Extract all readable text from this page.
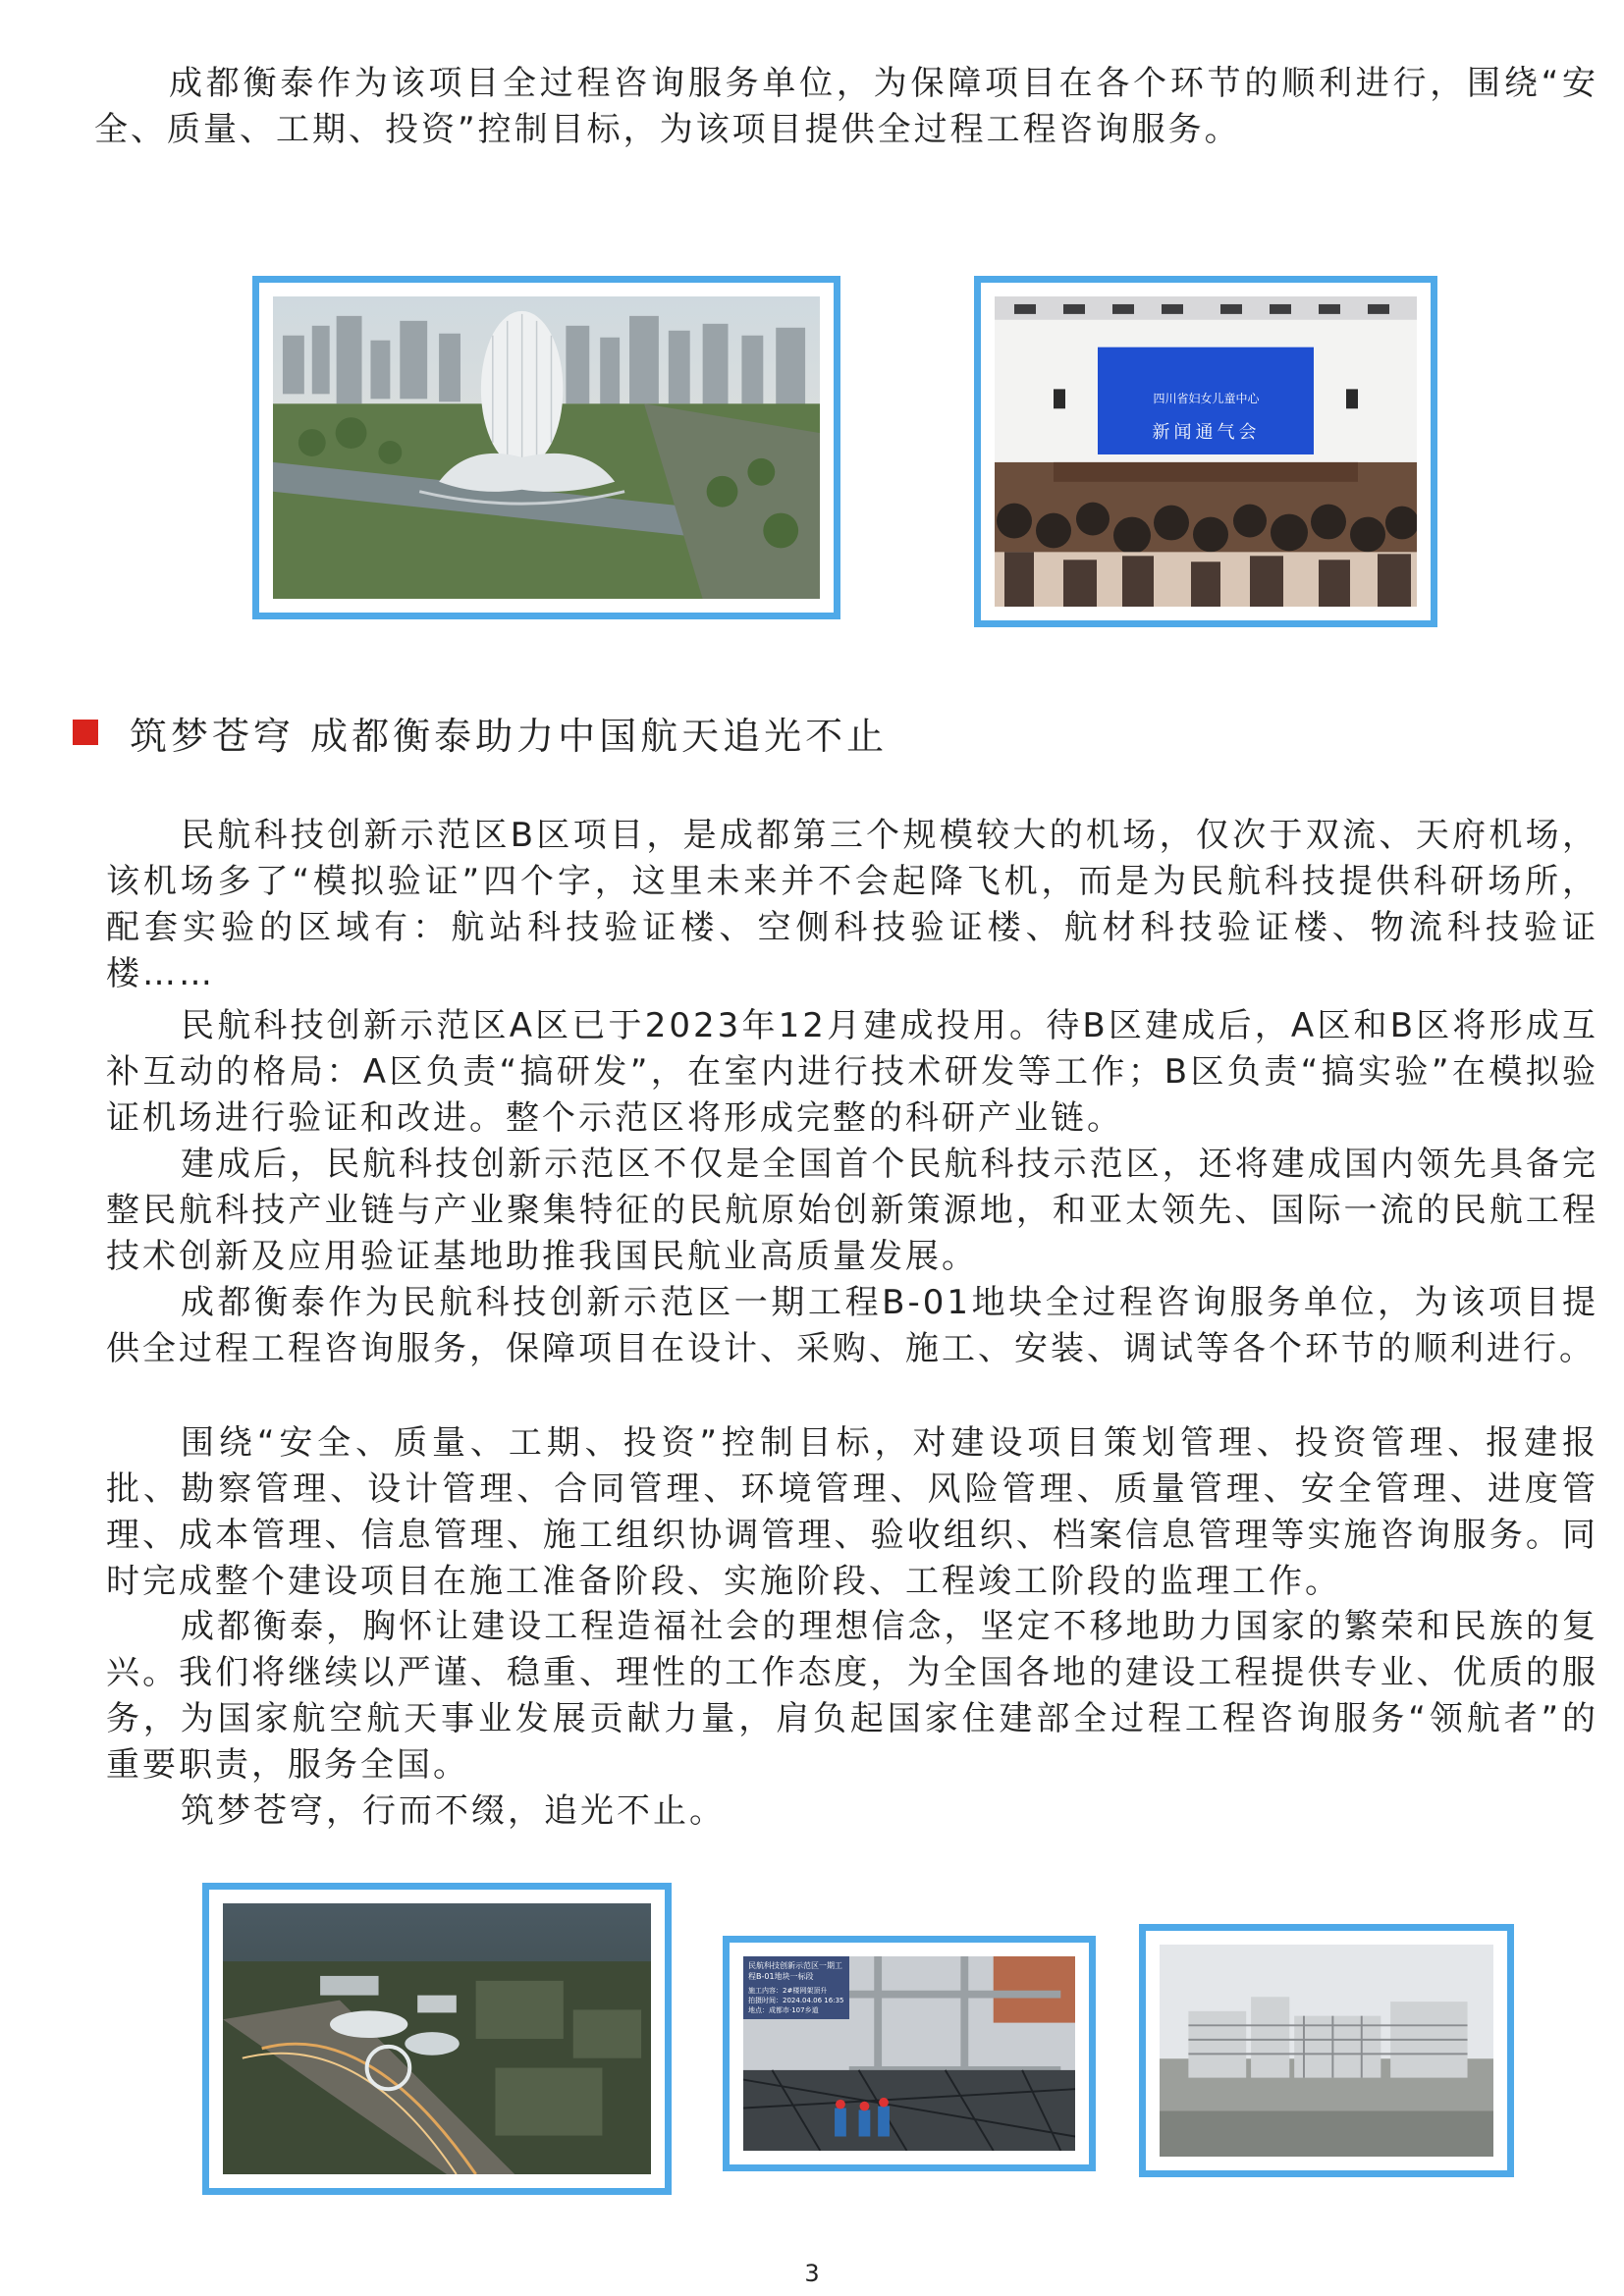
成都衡泰作为该项目全过程咨询服务单位，为保障项目在各个环节的顺利进行，围绕“安全、质量、工期、投资”控制目标，为该项目提供全过程工程咨询服务。

四川省妇女儿童中心
新闻通气会
筑梦苍穹 成都衡泰助力中国航天追光不止

民航科技创新示范区B区项目，是成都第三个规模较大的机场，仅次于双流、天府机场，该机场多了“模拟验证”四个字，这里未来并不会起降飞机，而是为民航科技提供科研场所，配套实验的区域有：航站科技验证楼、空侧科技验证楼、航材科技验证楼、物流科技验证楼……

民航科技创新示范区A区已于2023年12月建成投用。待B区建成后，A区和B区将形成互补互动的格局：A区负责“搞研发”，在室内进行技术研发等工作；B区负责“搞实验”在模拟验证机场进行验证和改进。整个示范区将形成完整的科研产业链。

建成后，民航科技创新示范区不仅是全国首个民航科技示范区，还将建成国内领先具备完整民航科技产业链与产业聚集特征的民航原始创新策源地，和亚太领先、国际一流的民航工程技术创新及应用验证基地助推我国民航业高质量发展。

成都衡泰作为民航科技创新示范区一期工程B-01地块全过程咨询服务单位，为该项目提供全过程工程咨询服务，保障项目在设计、采购、施工、安装、调试等各个环节的顺利进行。

围绕“安全、质量、工期、投资”控制目标，对建设项目策划管理、投资管理、报建报批、勘察管理、设计管理、合同管理、环境管理、风险管理、质量管理、安全管理、进度管理、成本管理、信息管理、施工组织协调管理、验收组织、档案信息管理等实施咨询服务。同时完成整个建设项目在施工准备阶段、实施阶段、工程竣工阶段的监理工作。

成都衡泰，胸怀让建设工程造福社会的理想信念，坚定不移地助力国家的繁荣和民族的复兴。我们将继续以严谨、稳重、理性的工作态度，为全国各地的建设工程提供专业、优质的服务，为国家航空航天事业发展贡献力量，肩负起国家住建部全过程工程咨询服务“领航者”的重要职责，服务全国。

筑梦苍穹，行而不缀，追光不止。

民航科技创新示范区一期工程B-01地块一标段
施工内容：2#楼网架顶升
拍摄时间：2024.04.06 16:35
地点：成都市·107乡道
3
